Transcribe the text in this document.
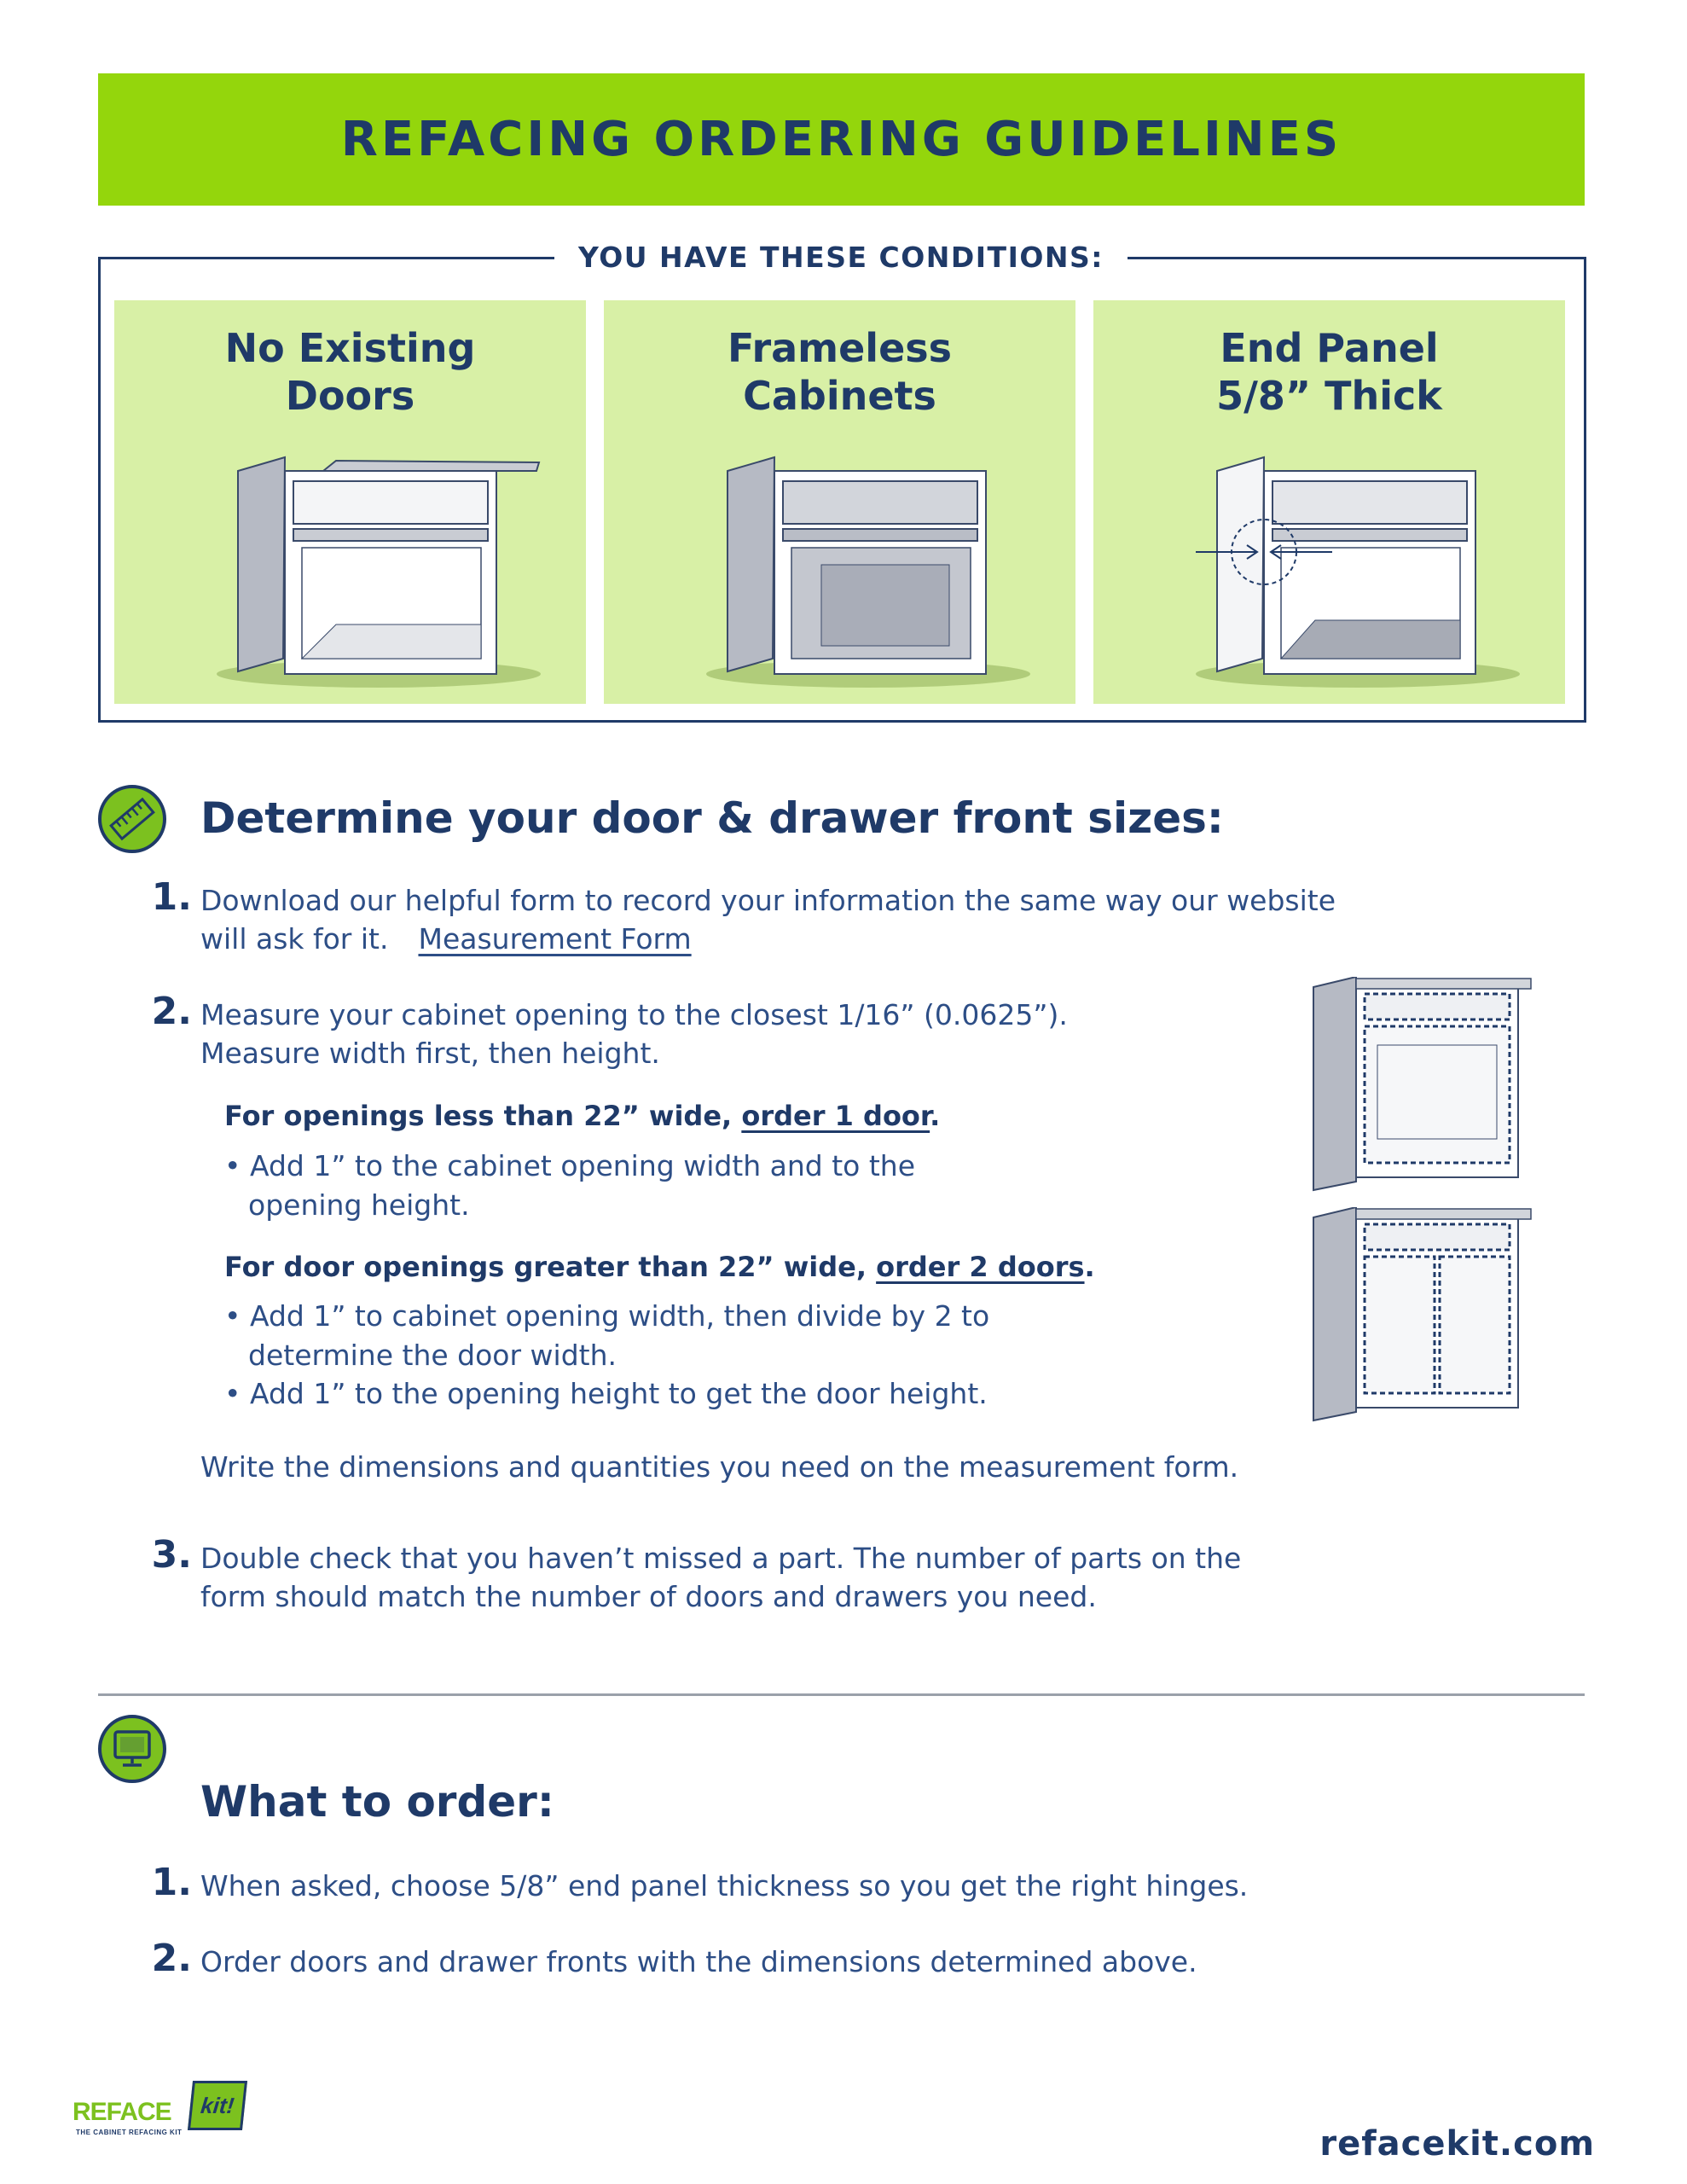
REFACING ORDERING GUIDELINES
YOU HAVE THESE CONDITIONS:
No Existing
Doors
Frameless
Cabinets
End Panel
5/8” Thick
Determine your door & drawer front sizes:
1. Download our helpful form to record your information the same way our website
will ask for it. Measurement Form
2. Measure your cabinet opening to the closest 1/16” (0.0625”).
Measure width first, then height.
For openings less than 22” wide, order 1 door.
• Add 1” to the cabinet opening width and to the opening height.
For door openings greater than 22” wide, order 2 doors.
• Add 1” to cabinet opening width, then divide by 2 to determine the door width.
• Add 1” to the opening height to get the door height.
Write the dimensions and quantities you need on the measurement form.
3. Double check that you haven’t missed a part. The number of parts on the
form should match the number of doors and drawers you need.
What to order:
1. When asked, choose 5/8” end panel thickness so you get the right hinges.
2. Order doors and drawer fronts with the dimensions determined above.
REFACE	kit!
THE CABINET REFACING KIT	refacekit.com
